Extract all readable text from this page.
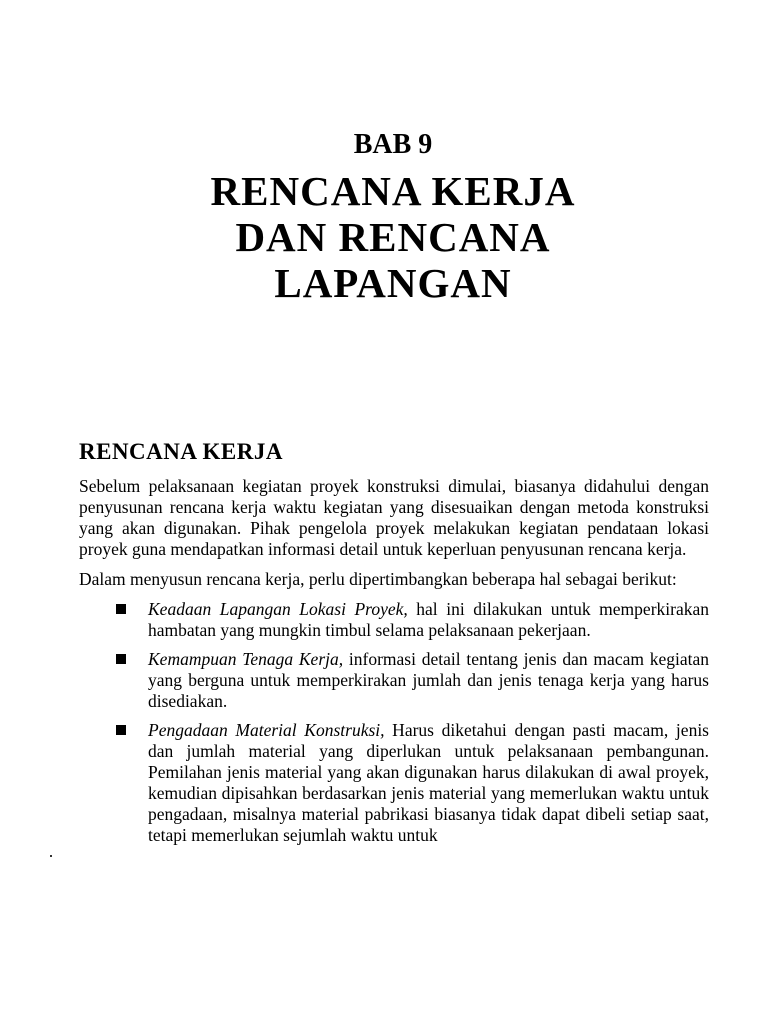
BAB 9
RENCANA KERJA
DAN RENCANA
LAPANGAN
RENCANA KERJA

Sebelum pelaksanaan kegiatan proyek konstruksi dimulai, biasanya didahului dengan penyusunan rencana kerja waktu kegiatan yang disesuaikan dengan metoda konstruksi yang akan digunakan. Pihak pengelola proyek melakukan kegiatan pendataan lokasi proyek guna mendapatkan informasi detail untuk keperluan penyusunan rencana kerja.

Dalam menyusun rencana kerja, perlu dipertimbangkan beberapa hal sebagai berikut:

Keadaan Lapangan Lokasi Proyek, hal ini dilakukan untuk memperkirakan hambatan yang mungkin timbul selama pelaksanaan pekerjaan.
Kemampuan Tenaga Kerja, informasi detail tentang jenis dan macam kegiatan yang berguna untuk memperkirakan jumlah dan jenis tenaga kerja yang harus disediakan.
Pengadaan Material Konstruksi, Harus diketahui dengan pasti macam, jenis dan jumlah material yang diperlukan untuk pelaksanaan pembangunan. Pemilahan jenis material yang akan digunakan harus dilakukan di awal proyek, kemudian dipisahkan berdasarkan jenis material yang memerlukan waktu untuk pengadaan, misalnya material pabrikasi biasanya tidak dapat dibeli setiap saat, tetapi memerlukan sejumlah waktu untuk
